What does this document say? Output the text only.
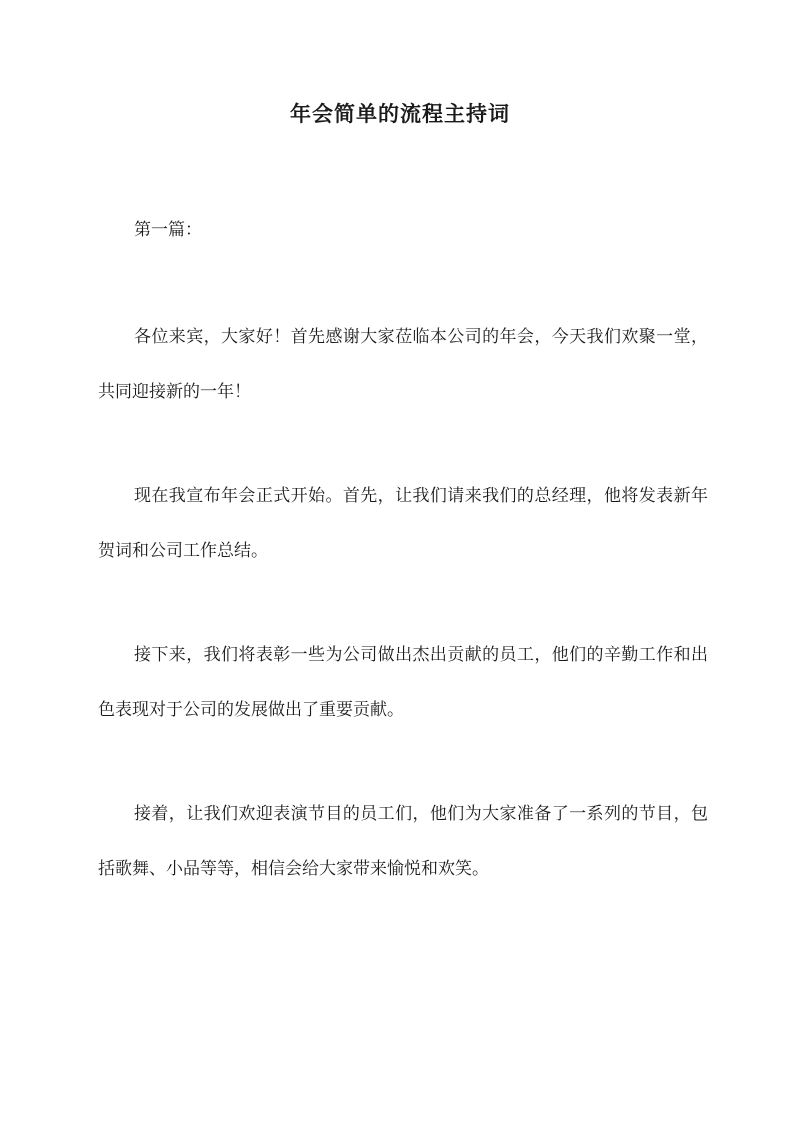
年会简单的流程主持词
第一篇：

各位来宾，大家好！首先感谢大家莅临本公司的年会，今天我们欢聚一堂，共同迎接新的一年！

现在我宣布年会正式开始。首先，让我们请来我们的总经理，他将发表新年贺词和公司工作总结。

接下来，我们将表彰一些为公司做出杰出贡献的员工，他们的辛勤工作和出色表现对于公司的发展做出了重要贡献。

接着，让我们欢迎表演节目的员工们，他们为大家准备了一系列的节目，包括歌舞、小品等等，相信会给大家带来愉悦和欢笑。
